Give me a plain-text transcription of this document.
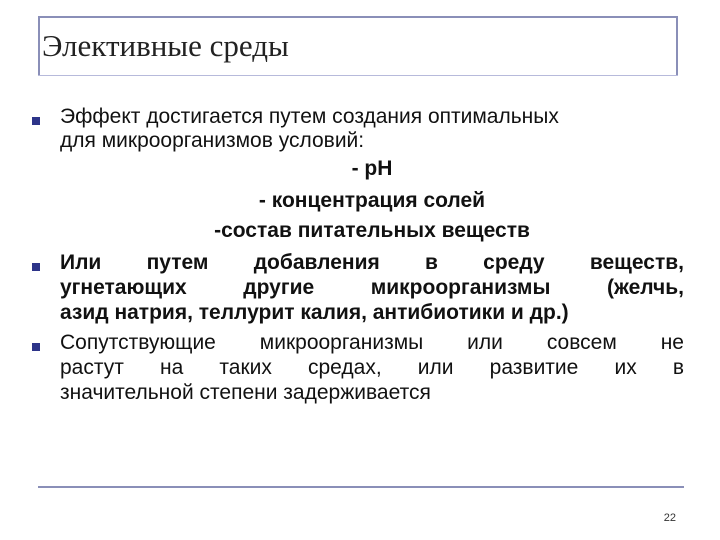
Элективные среды
Эффект достигается путем создания оптимальных
для микроорганизмов условий:
- pH
- концентрация солей
-состав питательных веществ
Или путем добавления в среду веществ,
угнетающих другие микроорганизмы (желчь,
азид натрия, теллурит калия, антибиотики и др.)
Сопутствующие микроорганизмы или совсем не
растут на таких средах, или развитие их в
значительной степени задерживается
22
